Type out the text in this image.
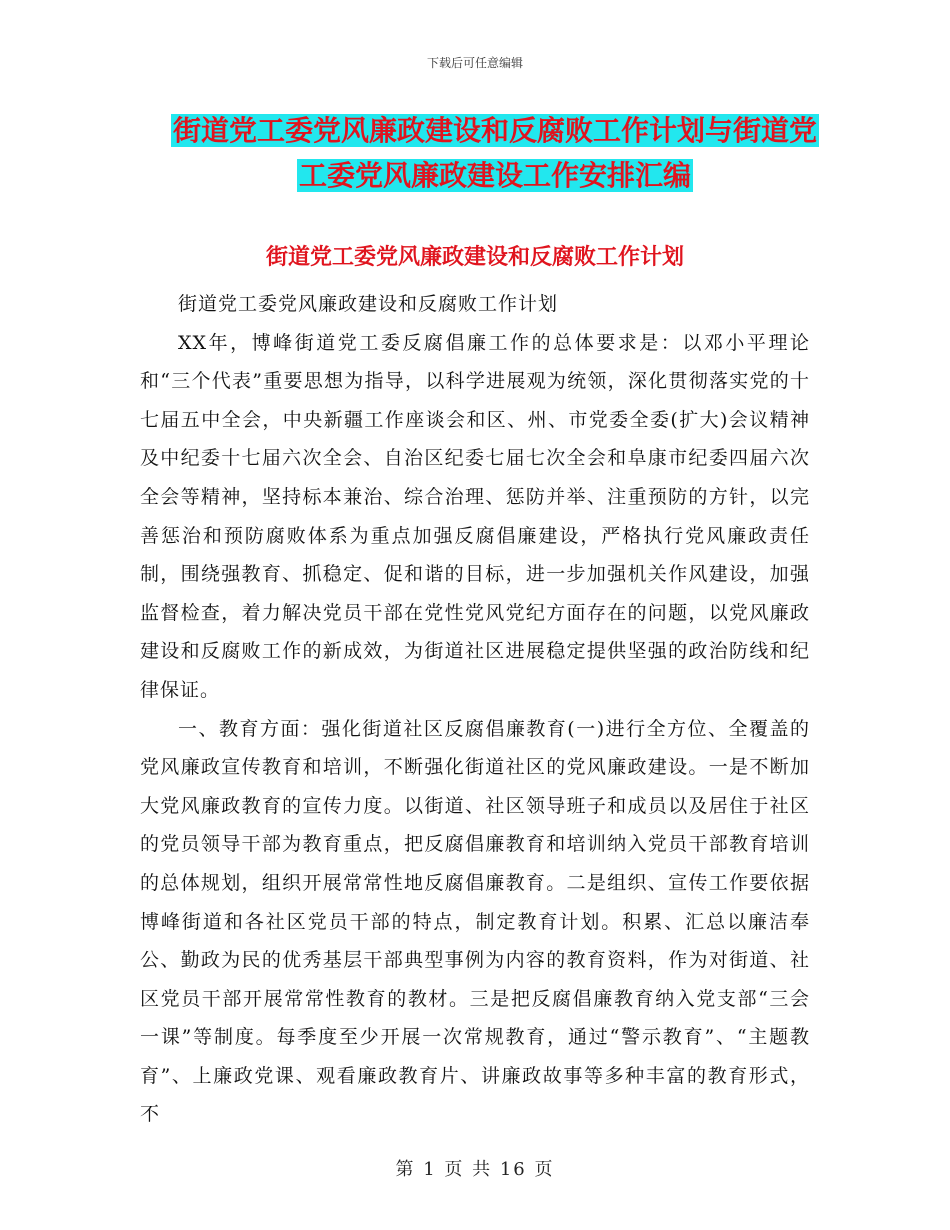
下载后可任意编辑
街道党工委党风廉政建设和反腐败工作计划与街道党
工委党风廉政建设工作安排汇编
街道党工委党风廉政建设和反腐败工作计划

街道党工委党风廉政建设和反腐败工作计划

XX年，博峰街道党工委反腐倡廉工作的总体要求是：以邓小平理论和“三个代表”重要思想为指导，以科学进展观为统领，深化贯彻落实党的十七届五中全会，中央新疆工作座谈会和区、州、市党委全委(扩大)会议精神及中纪委十七届六次全会、自治区纪委七届七次全会和阜康市纪委四届六次全会等精神，坚持标本兼治、综合治理、惩防并举、注重预防的方针，以完善惩治和预防腐败体系为重点加强反腐倡廉建设，严格执行党风廉政责任制，围绕强教育、抓稳定、促和谐的目标，进一步加强机关作风建设，加强监督检查，着力解决党员干部在党性党风党纪方面存在的问题，以党风廉政建设和反腐败工作的新成效，为街道社区进展稳定提供坚强的政治防线和纪律保证。

一、教育方面：强化街道社区反腐倡廉教育(一)进行全方位、全覆盖的党风廉政宣传教育和培训，不断强化街道社区的党风廉政建设。一是不断加大党风廉政教育的宣传力度。以街道、社区领导班子和成员以及居住于社区的党员领导干部为教育重点，把反腐倡廉教育和培训纳入党员干部教育培训的总体规划，组织开展常常性地反腐倡廉教育。二是组织、宣传工作要依据博峰街道和各社区党员干部的特点，制定教育计划。积累、汇总以廉洁奉公、勤政为民的优秀基层干部典型事例为内容的教育资料，作为对街道、社区党员干部开展常常性教育的教材。三是把反腐倡廉教育纳入党支部“三会一课”等制度。每季度至少开展一次常规教育，通过“警示教育”、“主题教育”、上廉政党课、观看廉政教育片、讲廉政故事等多种丰富的教育形式，不

第 1 页 共 16 页
